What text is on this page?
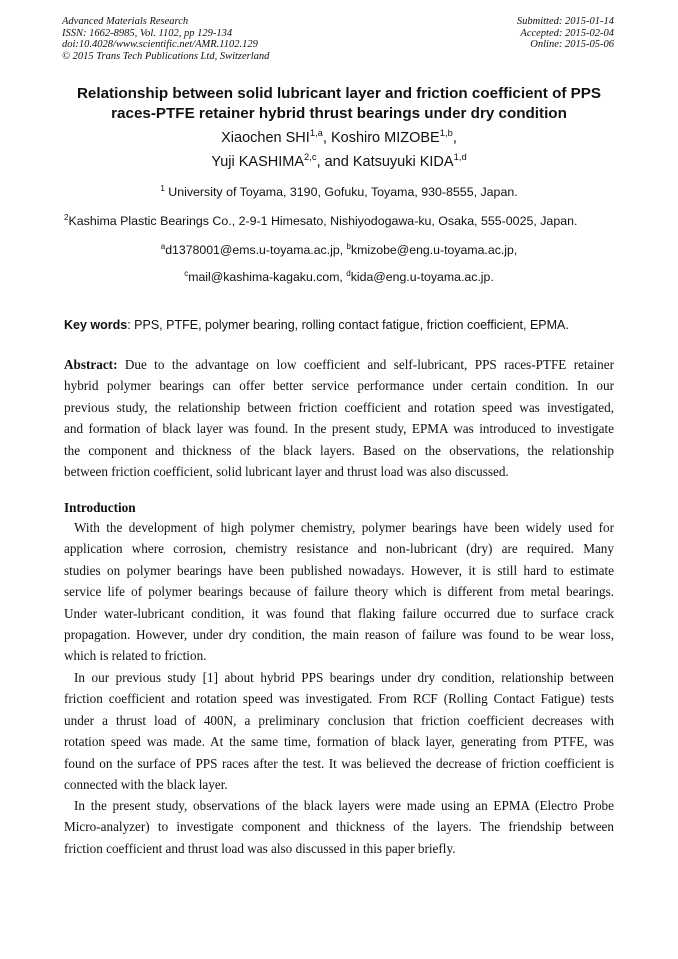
Advanced Materials Research
ISSN: 1662-8985, Vol. 1102, pp 129-134
doi:10.4028/www.scientific.net/AMR.1102.129
© 2015 Trans Tech Publications Ltd, Switzerland
Submitted: 2015-01-14
Accepted: 2015-02-04
Online: 2015-05-06
Relationship between solid lubricant layer and friction coefficient of PPS
races-PTFE retainer hybrid thrust bearings under dry condition
Xiaochen SHI$^{1,a}$, Koshiro MIZOBE$^{1,b}$,
Yuji KASHIMA$^{2,c}$, and Katsuyuki KIDA$^{1,d}$
$^1$ University of Toyama, 3190, Gofuku, Toyama, 930-8555, Japan.
$^2$Kashima Plastic Bearings Co., 2-9-1 Himesato, Nishiyodogawa-ku, Osaka, 555-0025, Japan.
$^a$d1378001@ems.u-toyama.ac.jp, $^b$kmizobe@eng.u-toyama.ac.jp,
$^c$mail@kashima-kagaku.com, $^d$kida@eng.u-toyama.ac.jp.
Key words: PPS, PTFE, polymer bearing, rolling contact fatigue, friction coefficient, EPMA.
Abstract: Due to the advantage on low coefficient and self-lubricant, PPS races-PTFE retainer
hybrid polymer bearings can offer better service performance under certain condition. In our
previous study, the relationship between friction coefficient and rotation speed was investigated,
and formation of black layer was found. In the present study, EPMA was introduced to investigate
the component and thickness of the black layers. Based on the observations, the relationship
between friction coefficient, solid lubricant layer and thrust load was also discussed.
Introduction
With the development of high polymer chemistry, polymer bearings have been widely used for
application where corrosion, chemistry resistance and non-lubricant (dry) are required. Many
studies on polymer bearings have been published nowadays. However, it is still hard to estimate
service life of polymer bearings because of failure theory which is different from metal bearings.
Under water-lubricant condition, it was found that flaking failure occurred due to surface crack
propagation. However, under dry condition, the main reason of failure was found to be wear loss,
which is related to friction.
In our previous study [1] about hybrid PPS bearings under dry condition, relationship between
friction coefficient and rotation speed was investigated. From RCF (Rolling Contact Fatigue) tests
under a thrust load of 400N, a preliminary conclusion that friction coefficient decreases with
rotation speed was made. At the same time, formation of black layer, generating from PTFE, was
found on the surface of PPS races after the test. It was believed the decrease of friction coefficient is
connected with the black layer.
In the present study, observations of the black layers were made using an EPMA (Electro Probe
Micro-analyzer) to investigate component and thickness of the layers. The friendship between
friction coefficient and thrust load was also discussed in this paper briefly.
